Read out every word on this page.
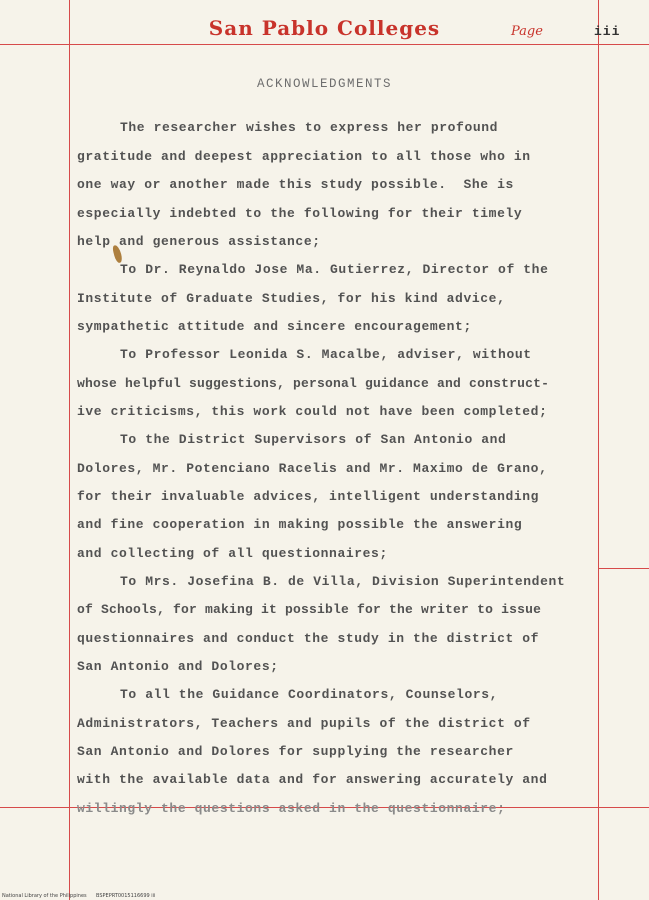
San Pablo Colleges	Page	iii
ACKNOWLEDGMENTS
The researcher wishes to express her profound
gratitude and deepest appreciation to all those who in
one way or another made this study possible.  She is
especially indebted to the following for their timely
help and generous assistance;
To Dr. Reynaldo Jose Ma. Gutierrez, Director of the
Institute of Graduate Studies, for his kind advice,
sympathetic attitude and sincere encouragement;
To Professor Leonida S. Macalbe, adviser, without
whose helpful suggestions, personal guidance and construct-
ive criticisms, this work could not have been completed;
To the District Supervisors of San Antonio and
Dolores, Mr. Potenciano Racelis and Mr. Maximo de Grano,
for their invaluable advices, intelligent understanding
and fine cooperation in making possible the answering
and collecting of all questionnaires;
To Mrs. Josefina B. de Villa, Division Superintendent
of Schools, for making it possible for the writer to issue
questionnaires and conduct the study in the district of
San Antonio and Dolores;
To all the Guidance Coordinators, Counselors,
Administrators, Teachers and pupils of the district of
San Antonio and Dolores for supplying the researcher
with the available data and for answering accurately and
willingly the questions asked in the questionnaire;
National Library of the Philippines BSPEPRT0015116699 iii
